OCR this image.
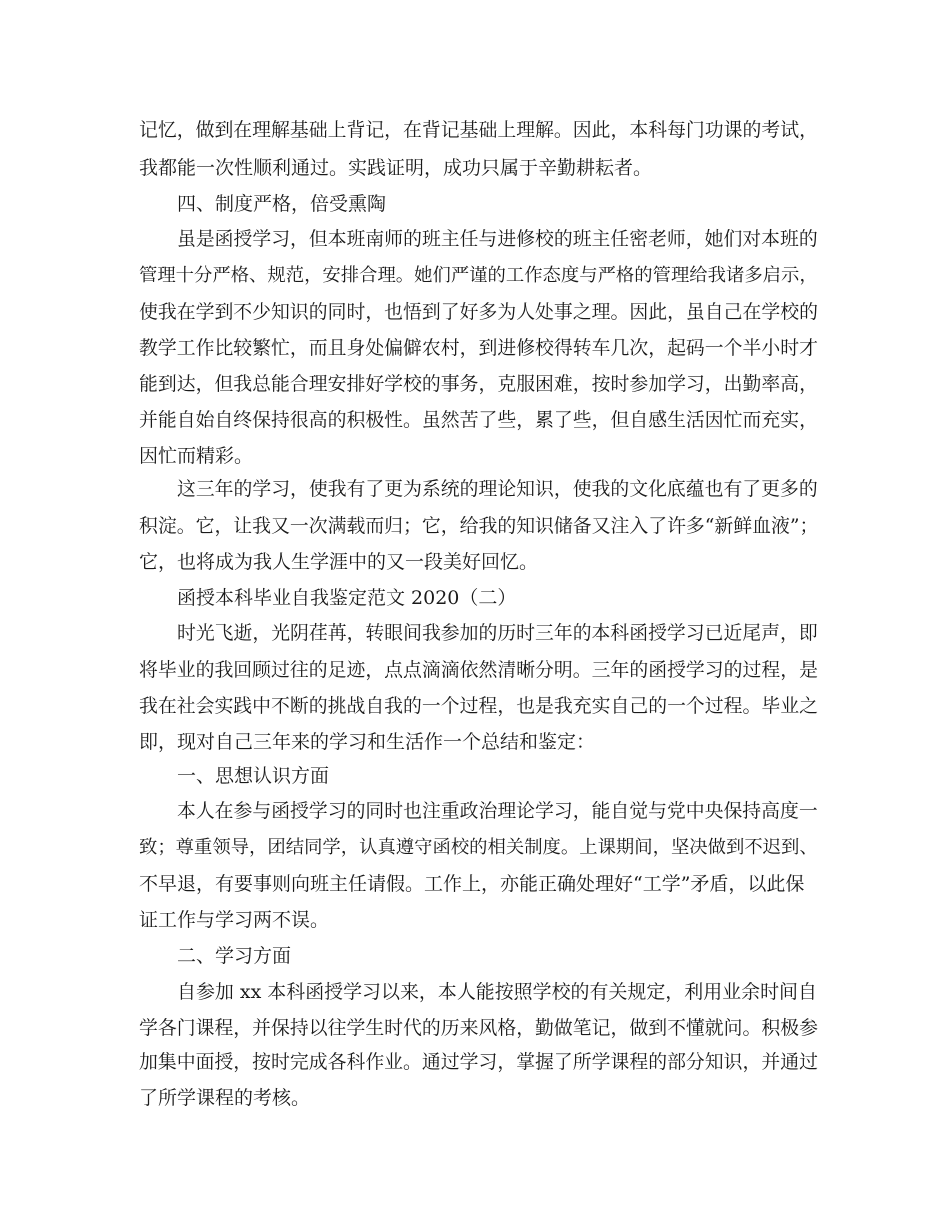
记忆，做到在理解基础上背记，在背记基础上理解。因此，本科每门功课的考试，
我都能一次性顺利通过。实践证明，成功只属于辛勤耕耘者。
四、制度严格，倍受熏陶
虽是函授学习，但本班南师的班主任与进修校的班主任密老师，她们对本班的
管理十分严格、规范，安排合理。她们严谨的工作态度与严格的管理给我诸多启示，
使我在学到不少知识的同时，也悟到了好多为人处事之理。因此，虽自己在学校的
教学工作比较繁忙，而且身处偏僻农村，到进修校得转车几次，起码一个半小时才
能到达，但我总能合理安排好学校的事务，克服困难，按时参加学习，出勤率高，
并能自始自终保持很高的积极性。虽然苦了些，累了些，但自感生活因忙而充实，
因忙而精彩。
这三年的学习，使我有了更为系统的理论知识，使我的文化底蕴也有了更多的
积淀。它，让我又一次满载而归；它，给我的知识储备又注入了许多“新鲜血液”；
它，也将成为我人生学涯中的又一段美好回忆。
函授本科毕业自我鉴定范文 2020（二）
时光飞逝，光阴荏苒，转眼间我参加的历时三年的本科函授学习已近尾声，即
将毕业的我回顾过往的足迹，点点滴滴依然清晰分明。三年的函授学习的过程，是
我在社会实践中不断的挑战自我的一个过程，也是我充实自己的一个过程。毕业之
即，现对自己三年来的学习和生活作一个总结和鉴定：
一、思想认识方面
本人在参与函授学习的同时也注重政治理论学习，能自觉与党中央保持高度一
致；尊重领导，团结同学，认真遵守函校的相关制度。上课期间，坚决做到不迟到、
不早退，有要事则向班主任请假。工作上，亦能正确处理好“工学”矛盾，以此保
证工作与学习两不误。
二、学习方面
自参加 xx 本科函授学习以来，本人能按照学校的有关规定，利用业余时间自
学各门课程，并保持以往学生时代的历来风格，勤做笔记，做到不懂就问。积极参
加集中面授，按时完成各科作业。通过学习，掌握了所学课程的部分知识，并通过
了所学课程的考核。
